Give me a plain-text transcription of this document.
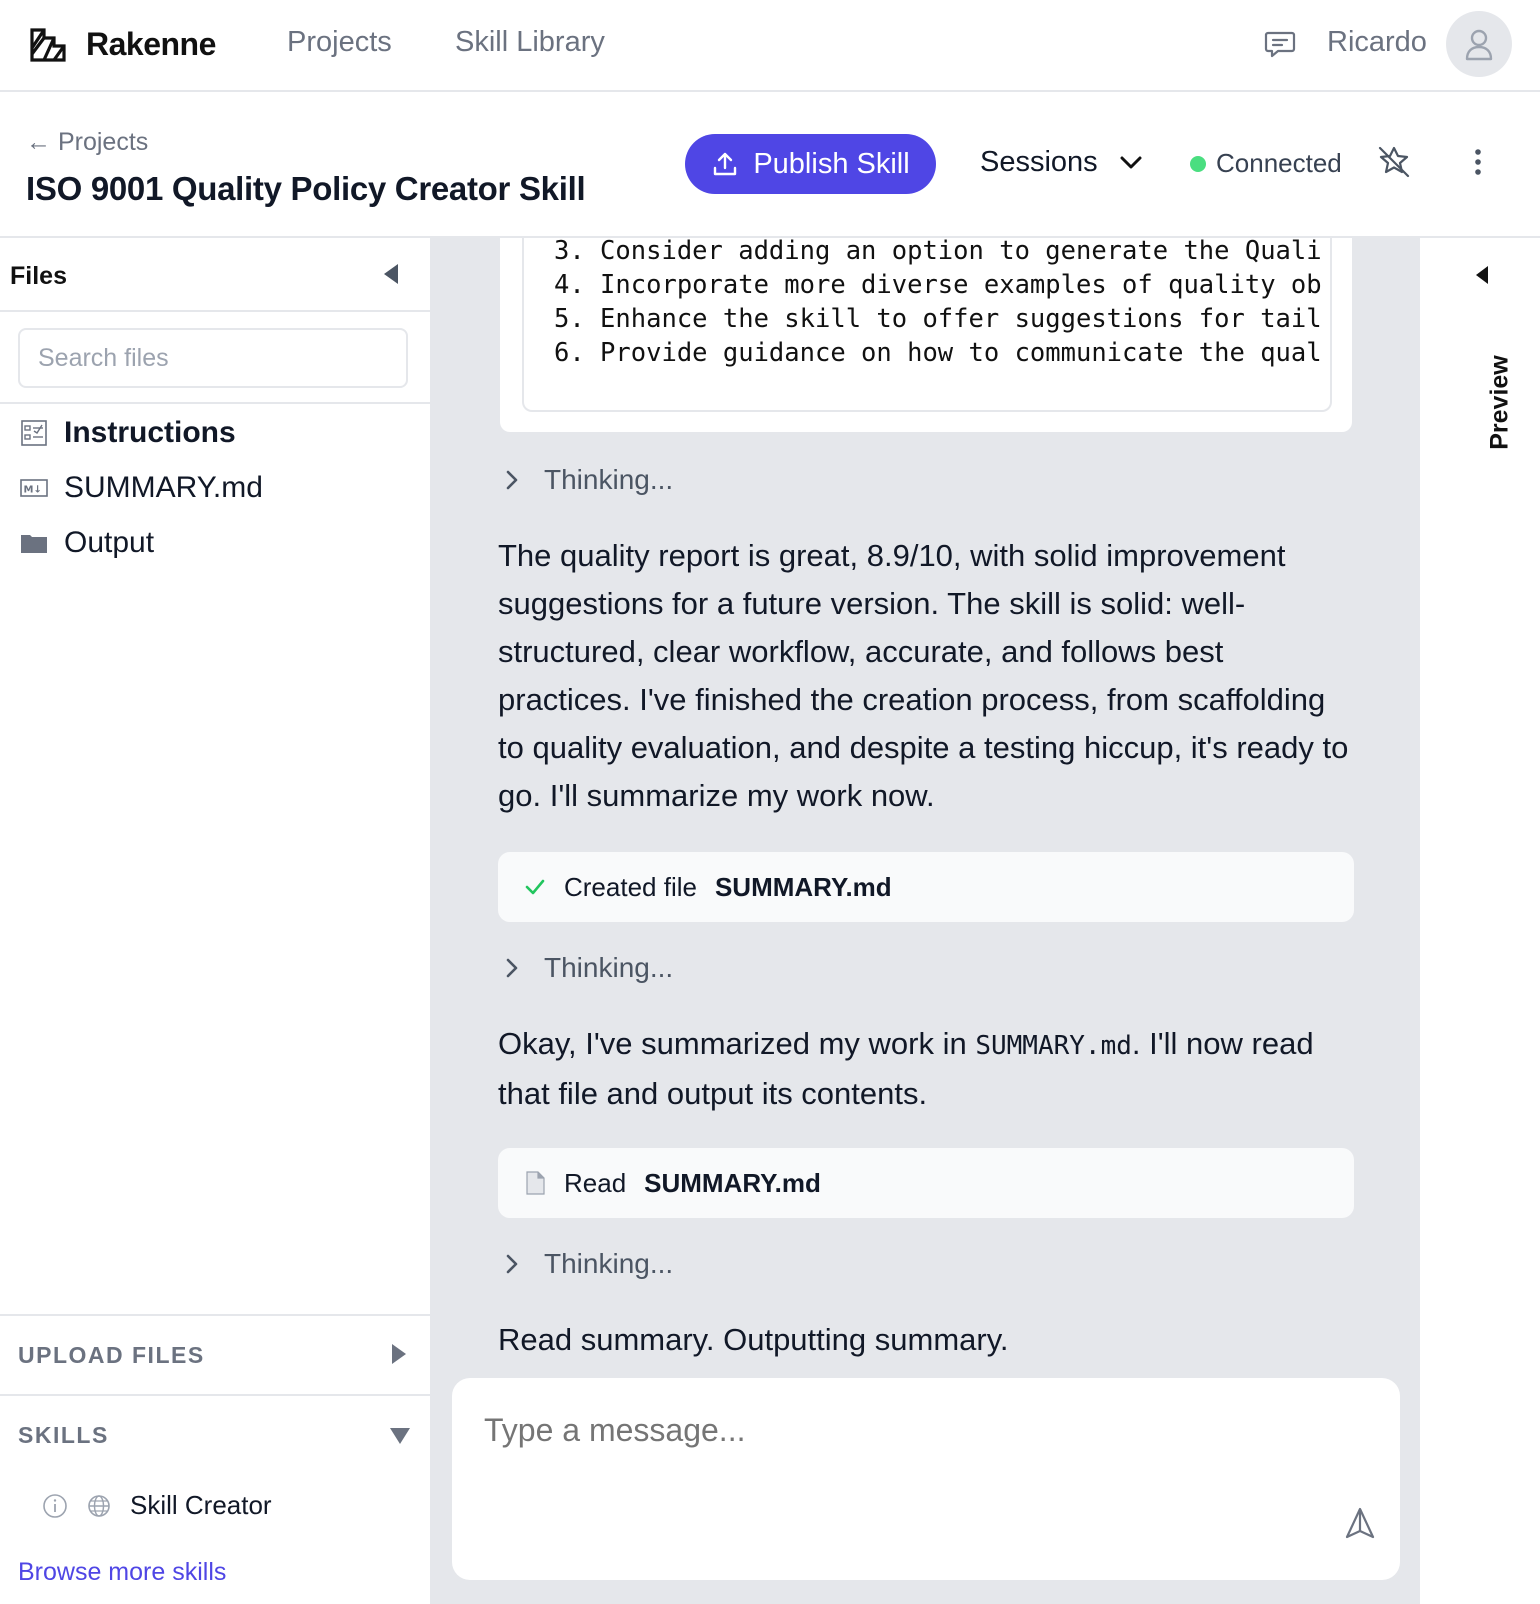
Rakenne Projects Skill Library	Ricardo
← Projects
ISO 9001 Quality Policy Creator Skill
Publish Skill Sessions	Connected
Files
Search files
Instructions
M↓ SUMMARY.md
Output
UPLOAD FILES
SKILLS
Skill Creator
Browse more skills
3. Consider adding an option to generate the Quali
4. Incorporate more diverse examples of quality ob
5. Enhance the skill to offer suggestions for tail
6. Provide guidance on how to communicate the qual
Thinking...

The quality report is great, 8.9/10, with solid improvement suggestions for a future version. The skill is solid: well-structured, clear workflow, accurate, and follows best practices. I've finished the creation process, from scaffolding to quality evaluation, and despite a testing hiccup, it's ready to go. I'll summarize my work now.

Created file SUMMARY.md
Thinking...

Okay, I've summarized my work in SUMMARY.md. I'll now read that file and output its contents.

Read SUMMARY.md
Thinking...

Read summary. Outputting summary.

Type a message...
Preview
